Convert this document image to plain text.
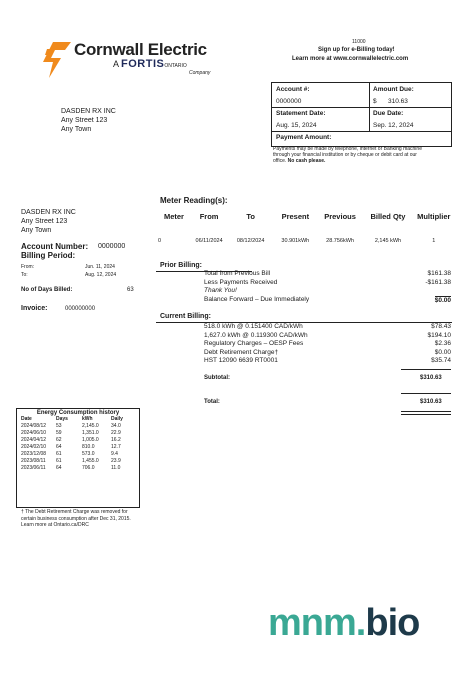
Cornwall Electric
A FORTISONTARIO
Company
11000
Sign up for e-Billing today!
Learn more at www.cornwallelectric.com
DASDEN RX INC
Any Street 123
Any Town
Account #:
0000000
Amount Due:
$ 310.63
Statement Date:
Aug. 15, 2024
Due Date:
Sep. 12, 2024
Payment Amount:
Payments may be made by telephone, internet or Banking machine through your financial institution or by cheque or debit card at our office. No cash please.
DASDEN RX INC
Any Street 123
Any Town
Account Number: 0000000
Billing Period:
From:	Jun. 11, 2024
To:	Aug. 12, 2024
No of Days Billed:	63
Invoice:	000000000
Meter Reading(s):
Meter	From	To	Present	Previous	Billed Qty	Multiplier
0	06/11/2024	08/12/2024	30.901kWh	28.756kWh	2,145 kWh	1
Prior Billing:
Total from Previous Bill	$161.38
Less Payments Received	-$161.38
Thank You!
Balance Forward – Due Immediately	$0.00
Current Billing:
518.0 kWh @ 0.151400 CAD/kWh	$78.43
1,627.0 kWh @ 0.119300 CAD/kWh	$194.10
Regulatory Charges – OESP Fees	$2.36
Debt Retirement Charge†	$0.00
HST 12090 6639 RT0001	$35.74
Subtotal:	$310.63
Total:	$310.63
Energy Consumption history
Date	Days	kWh	Daily
2024/08/12	53	2,145.0	34.0
2024/06/10	59	1,351.0	22.9
2024/04/12	62	1,005.0	16.2
2024/02/10	64	810.0	12.7
2023/12/08	61	573.0	9.4
2023/08/11	61	1,455.0	23.9
2023/06/11	64	706.0	11.0
† The Debt Retirement Charge was removed for certain business consumption after Dec 31, 2015. Learn more at Ontario.ca/DRC
mnm.bio
